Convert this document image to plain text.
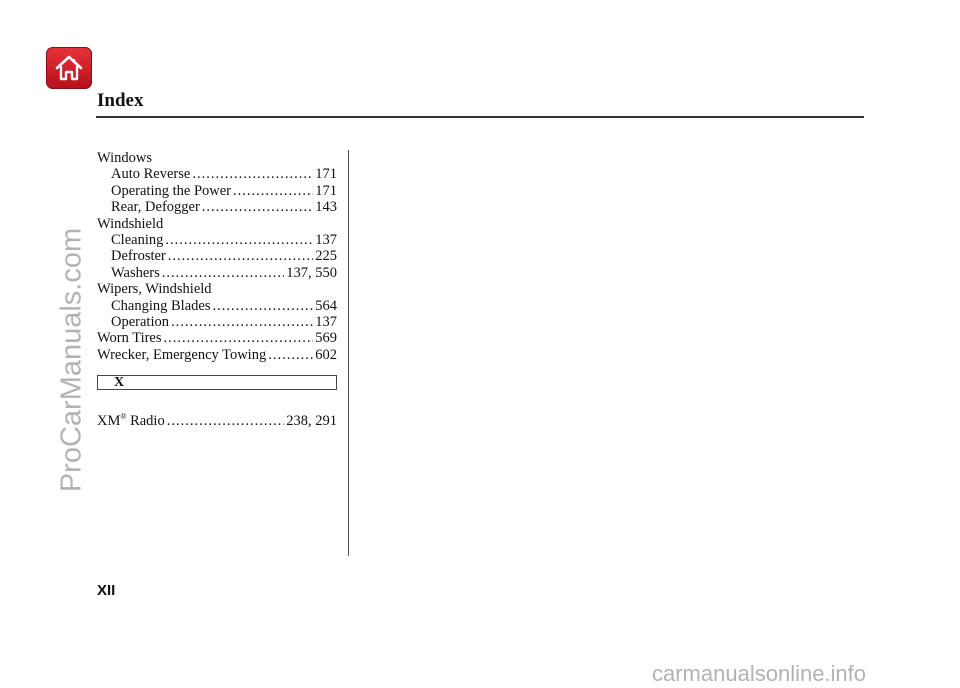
Index
Windows
Auto Reverse .....	171
Operating the Power .....	171
Rear, Defogger .....	143
Windshield
Cleaning .....	137
Defroster .....	225
Washers .....	137, 550
Wipers, Windshield
Changing Blades .....	564
Operation .....	137
Worn Tires .....	569
Wrecker, Emergency Towing .....	602
X
XM® Radio .....	238, 291
XII
ProCarManuals.com
carmanualsonline.info
